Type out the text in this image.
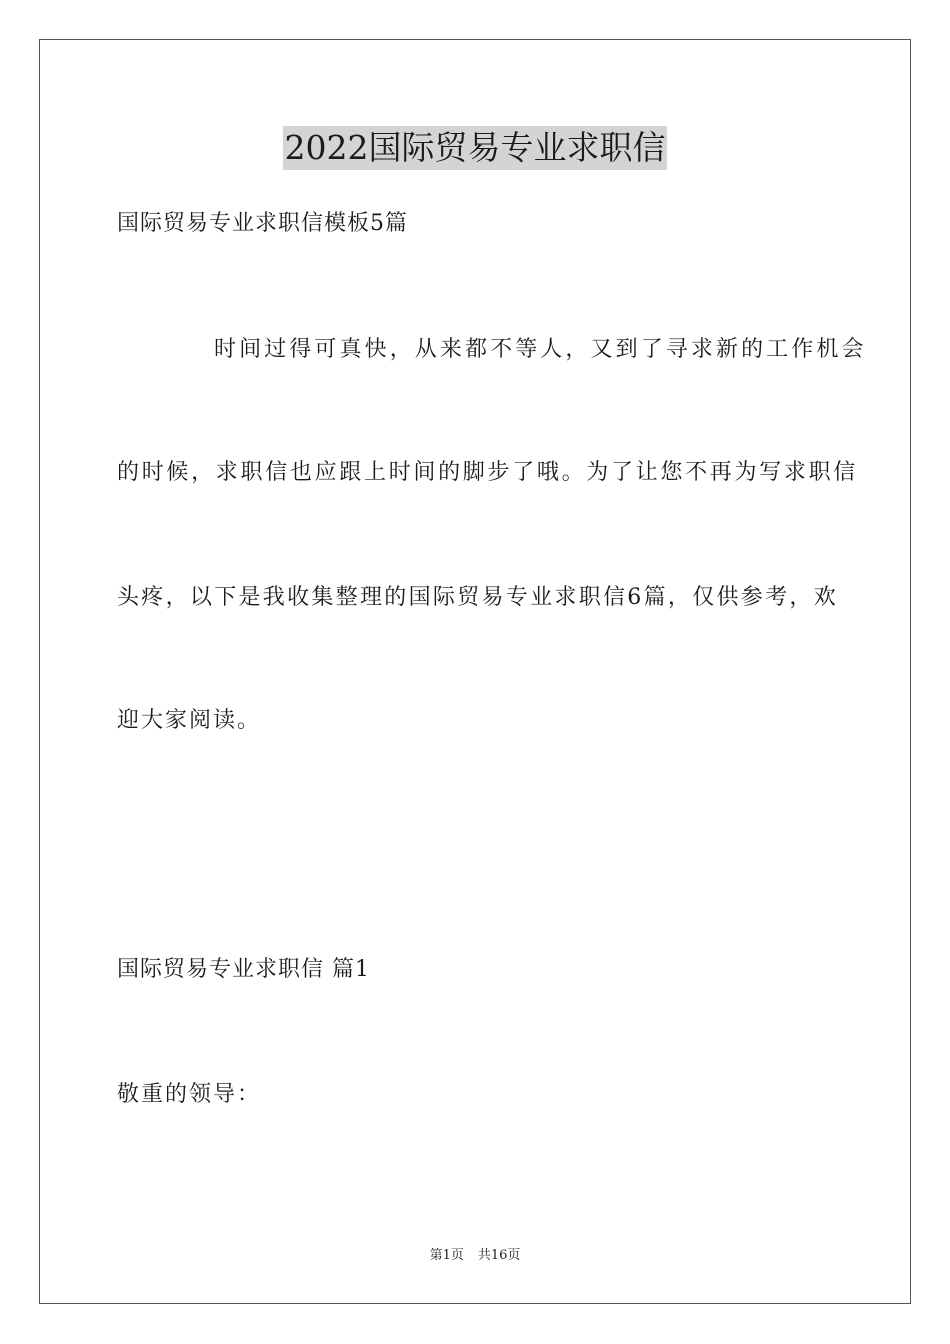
2022国际贸易专业求职信
国际贸易专业求职信模板5篇
时间过得可真快，从来都不等人，又到了寻求新的工作机会
的时候，求职信也应跟上时间的脚步了哦。为了让您不再为写求职信
头疼，以下是我收集整理的国际贸易专业求职信6篇，仅供参考，欢
迎大家阅读。
国际贸易专业求职信 篇1
敬重的领导：
第1页 共16页
